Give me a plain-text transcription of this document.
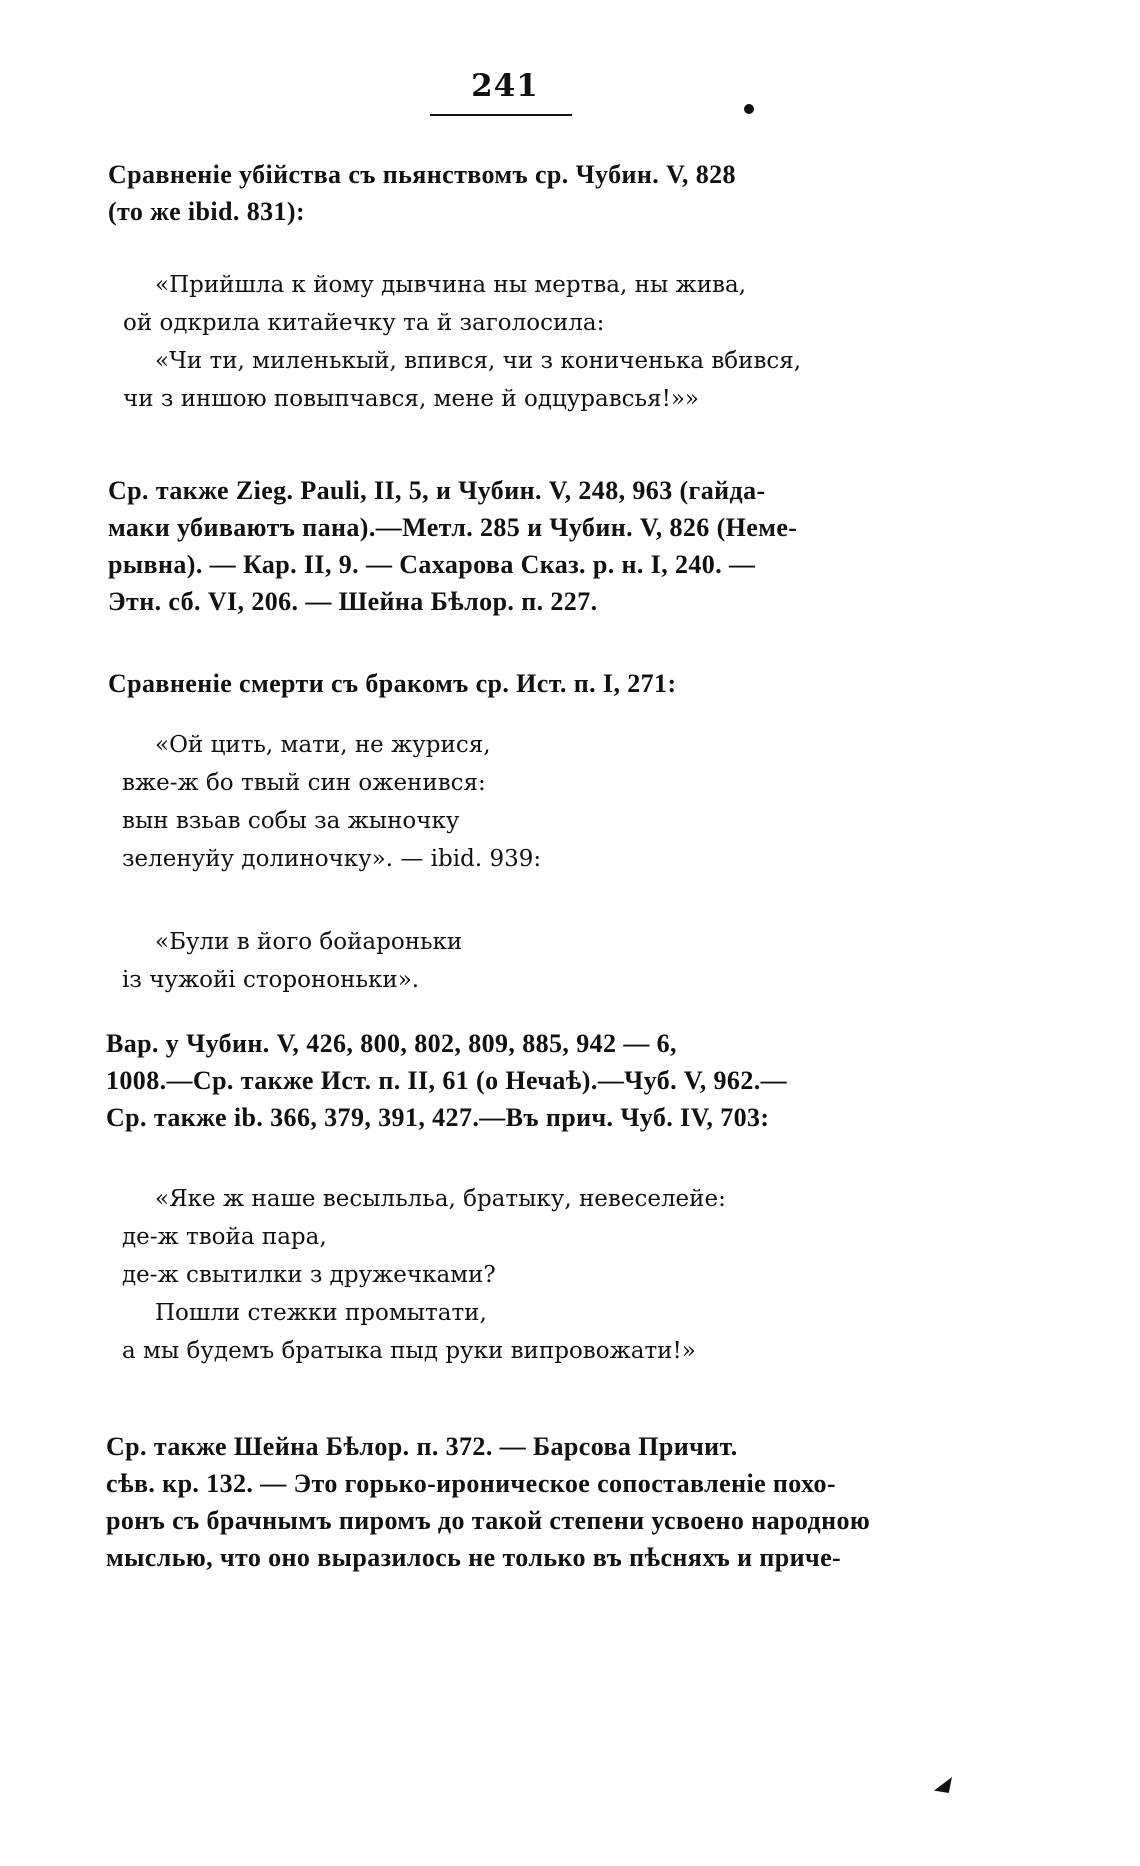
241
Сравненіе убійства съ пьянствомъ ср. Чубин. V, 828
(то же ibid. 831):
«Прийшла к йому дывчина ны мертва, ны жива,
ой одкрила китайечку та й заголосила:
«Чи ти, миленькый, впився, чи з кониченька вбився,
чи з иншою повыпчався, мене й одцуравсья!»»
Ср. также Zieg. Pauli, II, 5, и Чубин. V, 248, 963 (гайда-
маки убиваютъ пана).—Метл. 285 и Чубин. V, 826 (Неме-
рывна). — Кар. II, 9. — Сахарова Сказ. р. н. I, 240. —
Этн. сб. VI, 206. — Шейна Бѣлор. п. 227.
Сравненіе смерти съ бракомъ ср. Ист. п. I, 271:
«Ой цить, мати, не журися,
вже-ж бо твый син оженився:
вын взьав собы за жыночку
зеленуйу долиночку». — ibid. 939:
«Були в його бойароньки
із чужойі сторононьки».
Вар. у Чубин. V, 426, 800, 802, 809, 885, 942 — 6,
1008.—Ср. также Ист. п. II, 61 (о Нечаѣ).—Чуб. V, 962.—
Ср. также ib. 366, 379, 391, 427.—Въ прич. Чуб. IV, 703:
«Яке ж наше весыльльа, братыку, невеселейе:
де-ж твойа пара,
де-ж свытилки з дружечками?
Пошли стежки промытати,
а мы будемъ братыка пыд руки випровожати!»
Ср. также Шейна Бѣлор. п. 372. — Барсова Причит.
сѣв. кр. 132. — Это горько-ироническое сопоставленіе похо-
ронъ съ брачнымъ пиромъ до такой степени усвоено народною
мыслью, что оно выразилось не только въ пѣсняхъ и приче-
